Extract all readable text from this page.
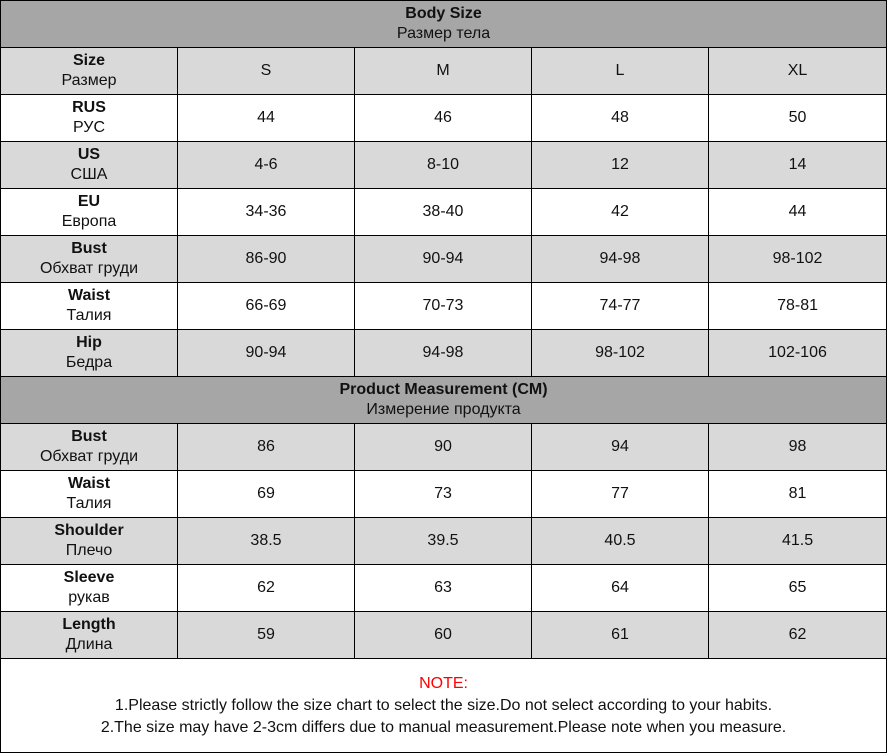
Body Size
Размер тела				

Size
Размер	S	M	L	XL

RUS
РУС	44	46	48	50

US
США	4-6	8-10	12	14

EU
Европа	34-36	38-40	42	44

Bust
Обхват груди	86-90	90-94	94-98	98-102

Waist
Талия	66-69	70-73	74-77	78-81

Hip
Бедра	90-94	94-98	98-102	102-106

Product Measurement (CM)
Измерение продукта				

Bust
Обхват груди	86	90	94	98

Waist
Талия	69	73	77	81

Shoulder
Плечо	38.5	39.5	40.5	41.5

Sleeve
рукав	62	63	64	65

Length
Длина	59	60	61	62

NOTE:
1.Please strictly follow the size chart to select the size.Do not select according to your habits.
2.The size may have 2-3cm differs due to manual measurement.Please note when you measure.				
